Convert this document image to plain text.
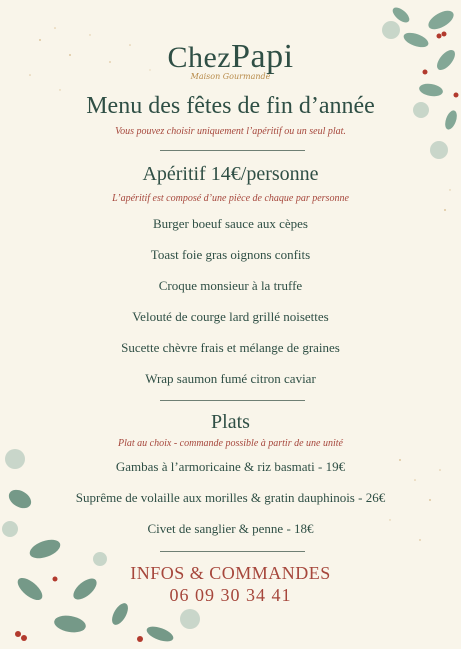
ChezPapi
Maison Gourmande
Menu des fêtes de fin d’année
Vous pouvez choisir uniquement l’apéritif ou un seul plat.
Apéritif 14€/personne
L’apéritif est composé d’une pièce de chaque par personne
Burger boeuf sauce aux cèpes
Toast foie gras oignons confits
Croque monsieur à la truffe
Velouté de courge lard grillé noisettes
Sucette chèvre frais et mélange de graines
Wrap saumon fumé citron caviar
Plats
Plat au choix - commande possible à partir de une unité
Gambas à l’armoricaine & riz basmati - 19€
Suprême de volaille aux morilles & gratin dauphinois - 26€
Civet de sanglier & penne - 18€
INFOS & COMMANDES
06 09 30 34 41
